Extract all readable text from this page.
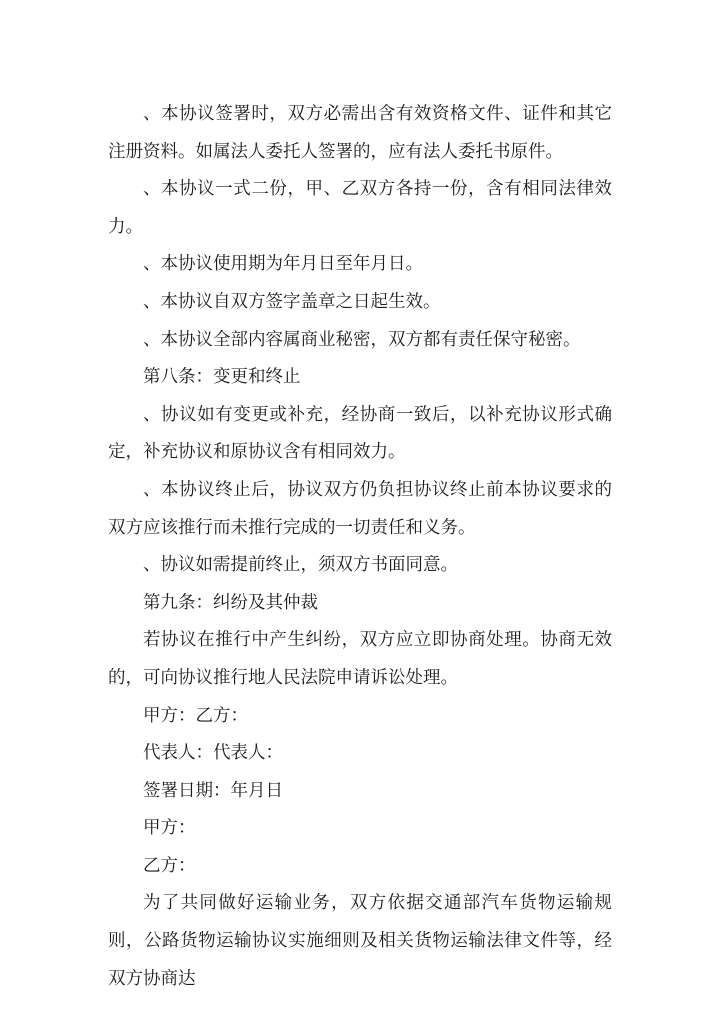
、本协议签署时，双方必需出含有效资格文件、证件和其它注册资料。如属法人委托人签署的，应有法人委托书原件。

、本协议一式二份，甲、乙双方各持一份，含有相同法律效力。

、本协议使用期为年月日至年月日。

、本协议自双方签字盖章之日起生效。

、本协议全部内容属商业秘密，双方都有责任保守秘密。

第八条：变更和终止

、协议如有变更或补充，经协商一致后，以补充协议形式确定，补充协议和原协议含有相同效力。

、本协议终止后，协议双方仍负担协议终止前本协议要求的双方应该推行而未推行完成的一切责任和义务。

、协议如需提前终止，须双方书面同意。

第九条：纠纷及其仲裁

若协议在推行中产生纠纷，双方应立即协商处理。协商无效的，可向协议推行地人民法院申请诉讼处理。

甲方：乙方：

代表人：代表人：

签署日期：年月日

甲方：

乙方：

为了共同做好运输业务，双方依据交通部汽车货物运输规则，公路货物运输协议实施细则及相关货物运输法律文件等，经双方协商达
